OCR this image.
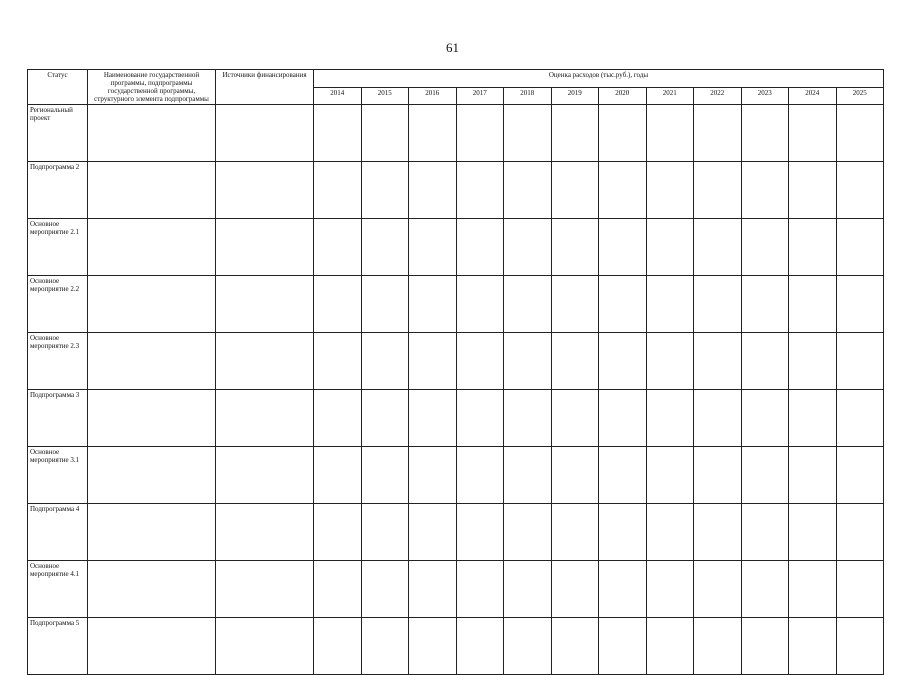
61
Статус	Наименование государственной программы, подпрограммы государственной программы, структурного элемента подпрограммы	Источники финансирования	Оценка расходов (тыс.руб.), годы											
			2014	2015	2016	2017	2018	2019	2020	2021	2022	2023	2024	2025
Региональный проект														
Подпрограмма 2														
Основное мероприятие 2.1														
Основное мероприятие 2.2														
Основное мероприятие 2.3														
Подпрограмма 3														
Основное мероприятие 3.1														
Подпрограмма 4														
Основное мероприятие 4.1														
Подпрограмма 5														
